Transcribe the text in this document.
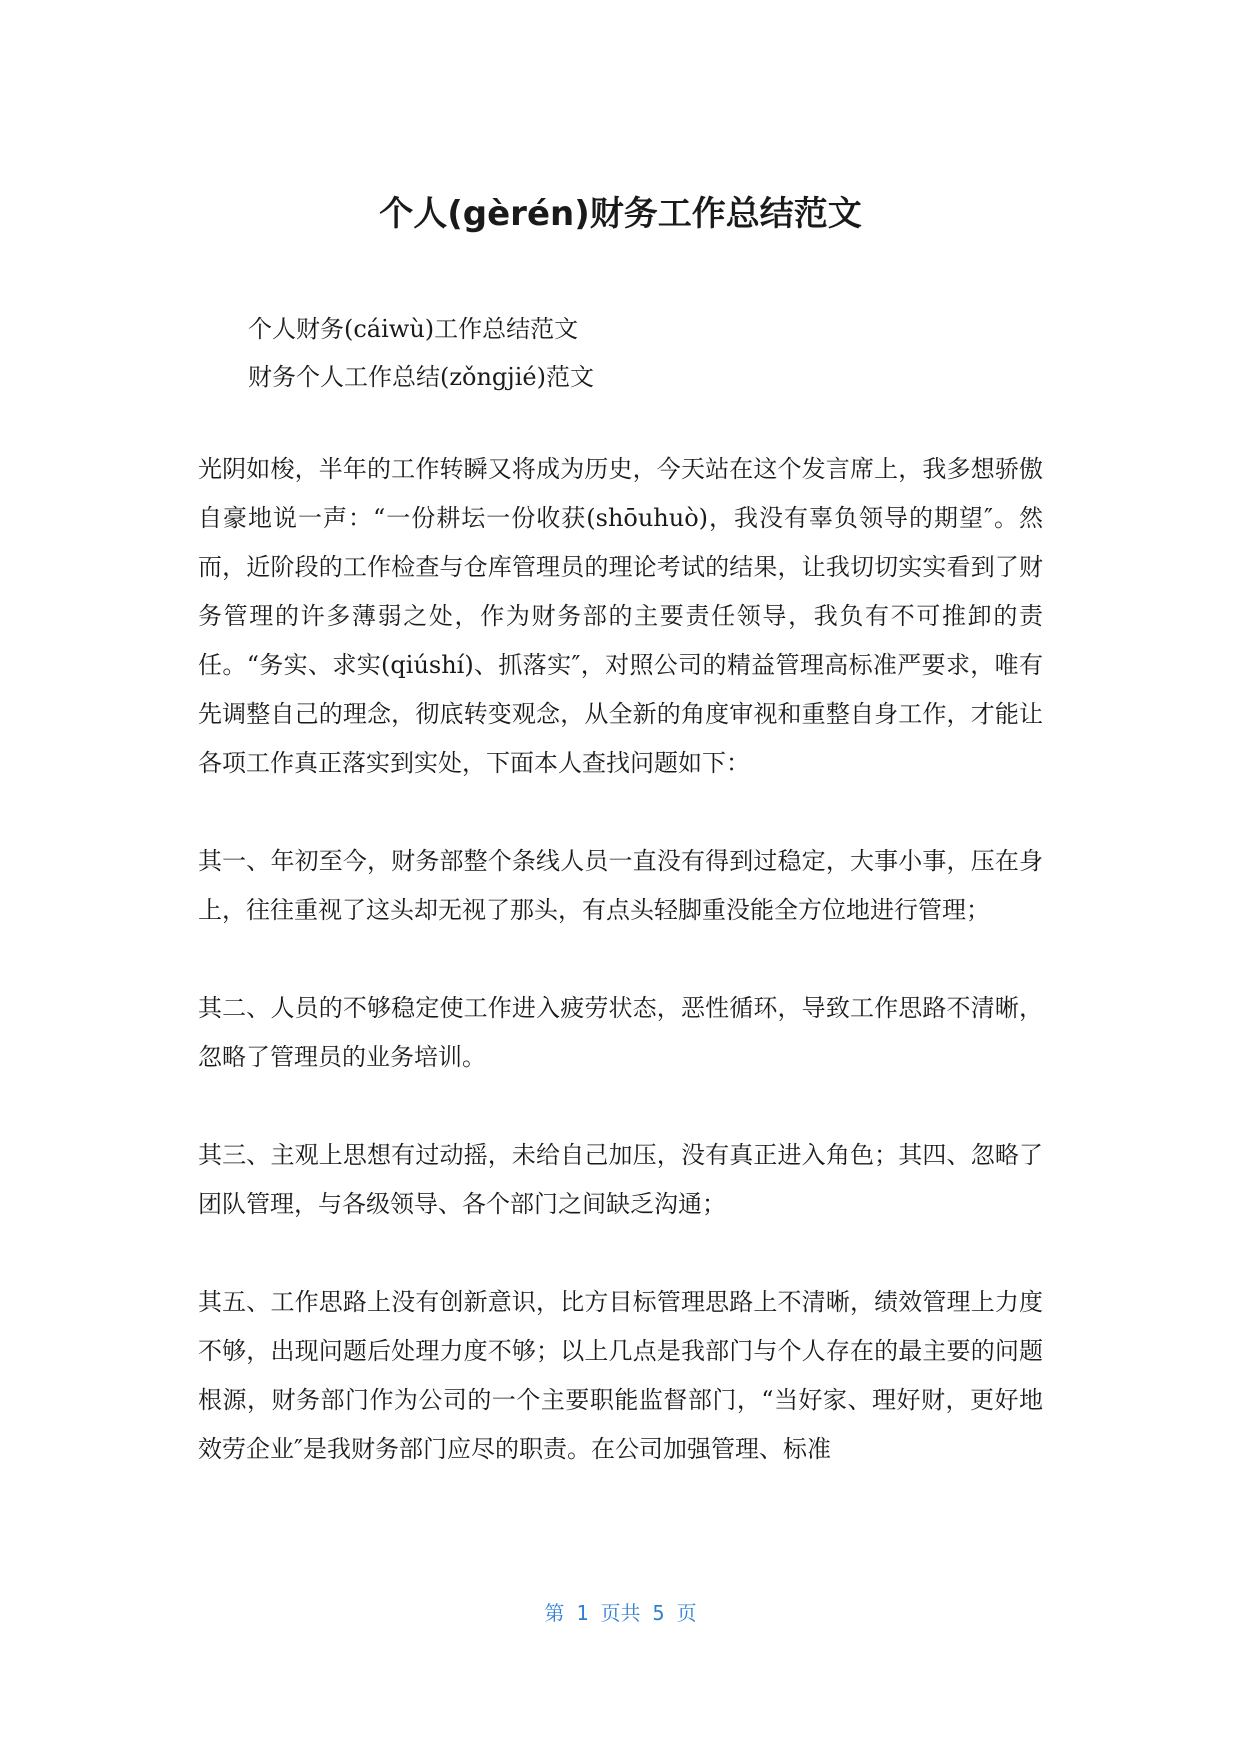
个人(gèrén)财务工作总结范文

个人财务(cáiwù)工作总结范文

财务个人工作总结(zǒngjié)范文

光阴如梭，半年的工作转瞬又将成为历史，今天站在这个发言席上，我多想骄傲自豪地说一声：“一份耕坛一份收获(shōuhuò)，我没有辜负领导的期望″。然而，近阶段的工作检查与仓库管理员的理论考试的结果，让我切切实实看到了财务管理的许多薄弱之处，作为财务部的主要责任领导，我负有不可推卸的责任。“务实、求实(qiúshí)、抓落实″，对照公司的精益管理高标准严要求，唯有先调整自己的理念，彻底转变观念，从全新的角度审视和重整自身工作，才能让各项工作真正落实到实处，下面本人查找问题如下：

其一、年初至今，财务部整个条线人员一直没有得到过稳定，大事小事，压在身上，往往重视了这头却无视了那头，有点头轻脚重没能全方位地进行管理；

其二、人员的不够稳定使工作进入疲劳状态，恶性循环，导致工作思路不清晰，忽略了管理员的业务培训。

其三、主观上思想有过动摇，未给自己加压，没有真正进入角色；其四、忽略了团队管理，与各级领导、各个部门之间缺乏沟通；

其五、工作思路上没有创新意识，比方目标管理思路上不清晰，绩效管理上力度不够，出现问题后处理力度不够；以上几点是我部门与个人存在的最主要的问题根源，财务部门作为公司的一个主要职能监督部门，“当好家、理好财，更好地效劳企业″是我财务部门应尽的职责。在公司加强管理、标准

第 1 页共 5 页
